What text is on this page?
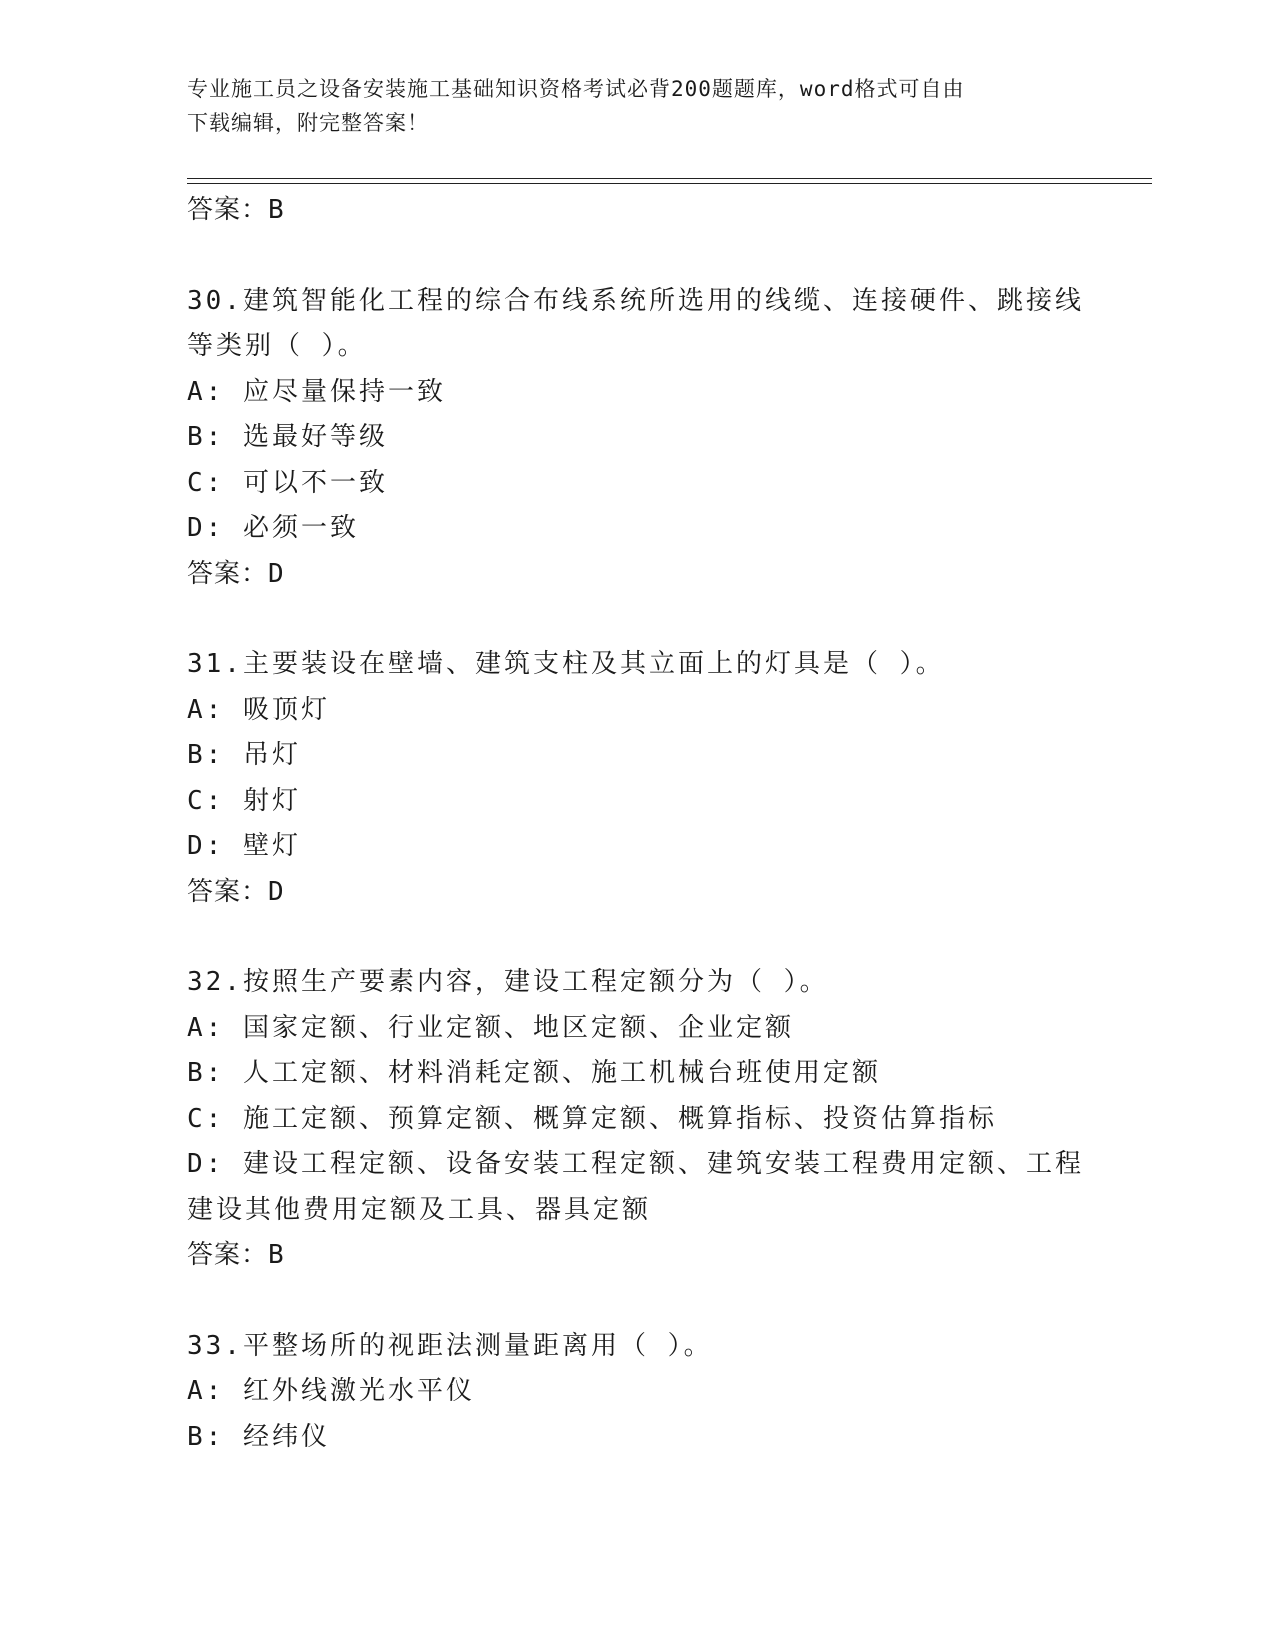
专业施工员之设备安装施工基础知识资格考试必背200题题库，word格式可自由
下载编辑，附完整答案！
答案：B
30.建筑智能化工程的综合布线系统所选用的线缆、连接硬件、跳接线
等类别（ ）。
A: 应尽量保持一致
B: 选最好等级
C: 可以不一致
D: 必须一致
答案：D
31.主要装设在壁墙、建筑支柱及其立面上的灯具是（ ）。
A: 吸顶灯
B: 吊灯
C: 射灯
D: 壁灯
答案：D
32.按照生产要素内容，建设工程定额分为（ ）。
A: 国家定额、行业定额、地区定额、企业定额
B: 人工定额、材料消耗定额、施工机械台班使用定额
C: 施工定额、预算定额、概算定额、概算指标、投资估算指标
D: 建设工程定额、设备安装工程定额、建筑安装工程费用定额、工程
建设其他费用定额及工具、器具定额
答案：B
33.平整场所的视距法测量距离用（ ）。
A: 红外线激光水平仪
B: 经纬仪
